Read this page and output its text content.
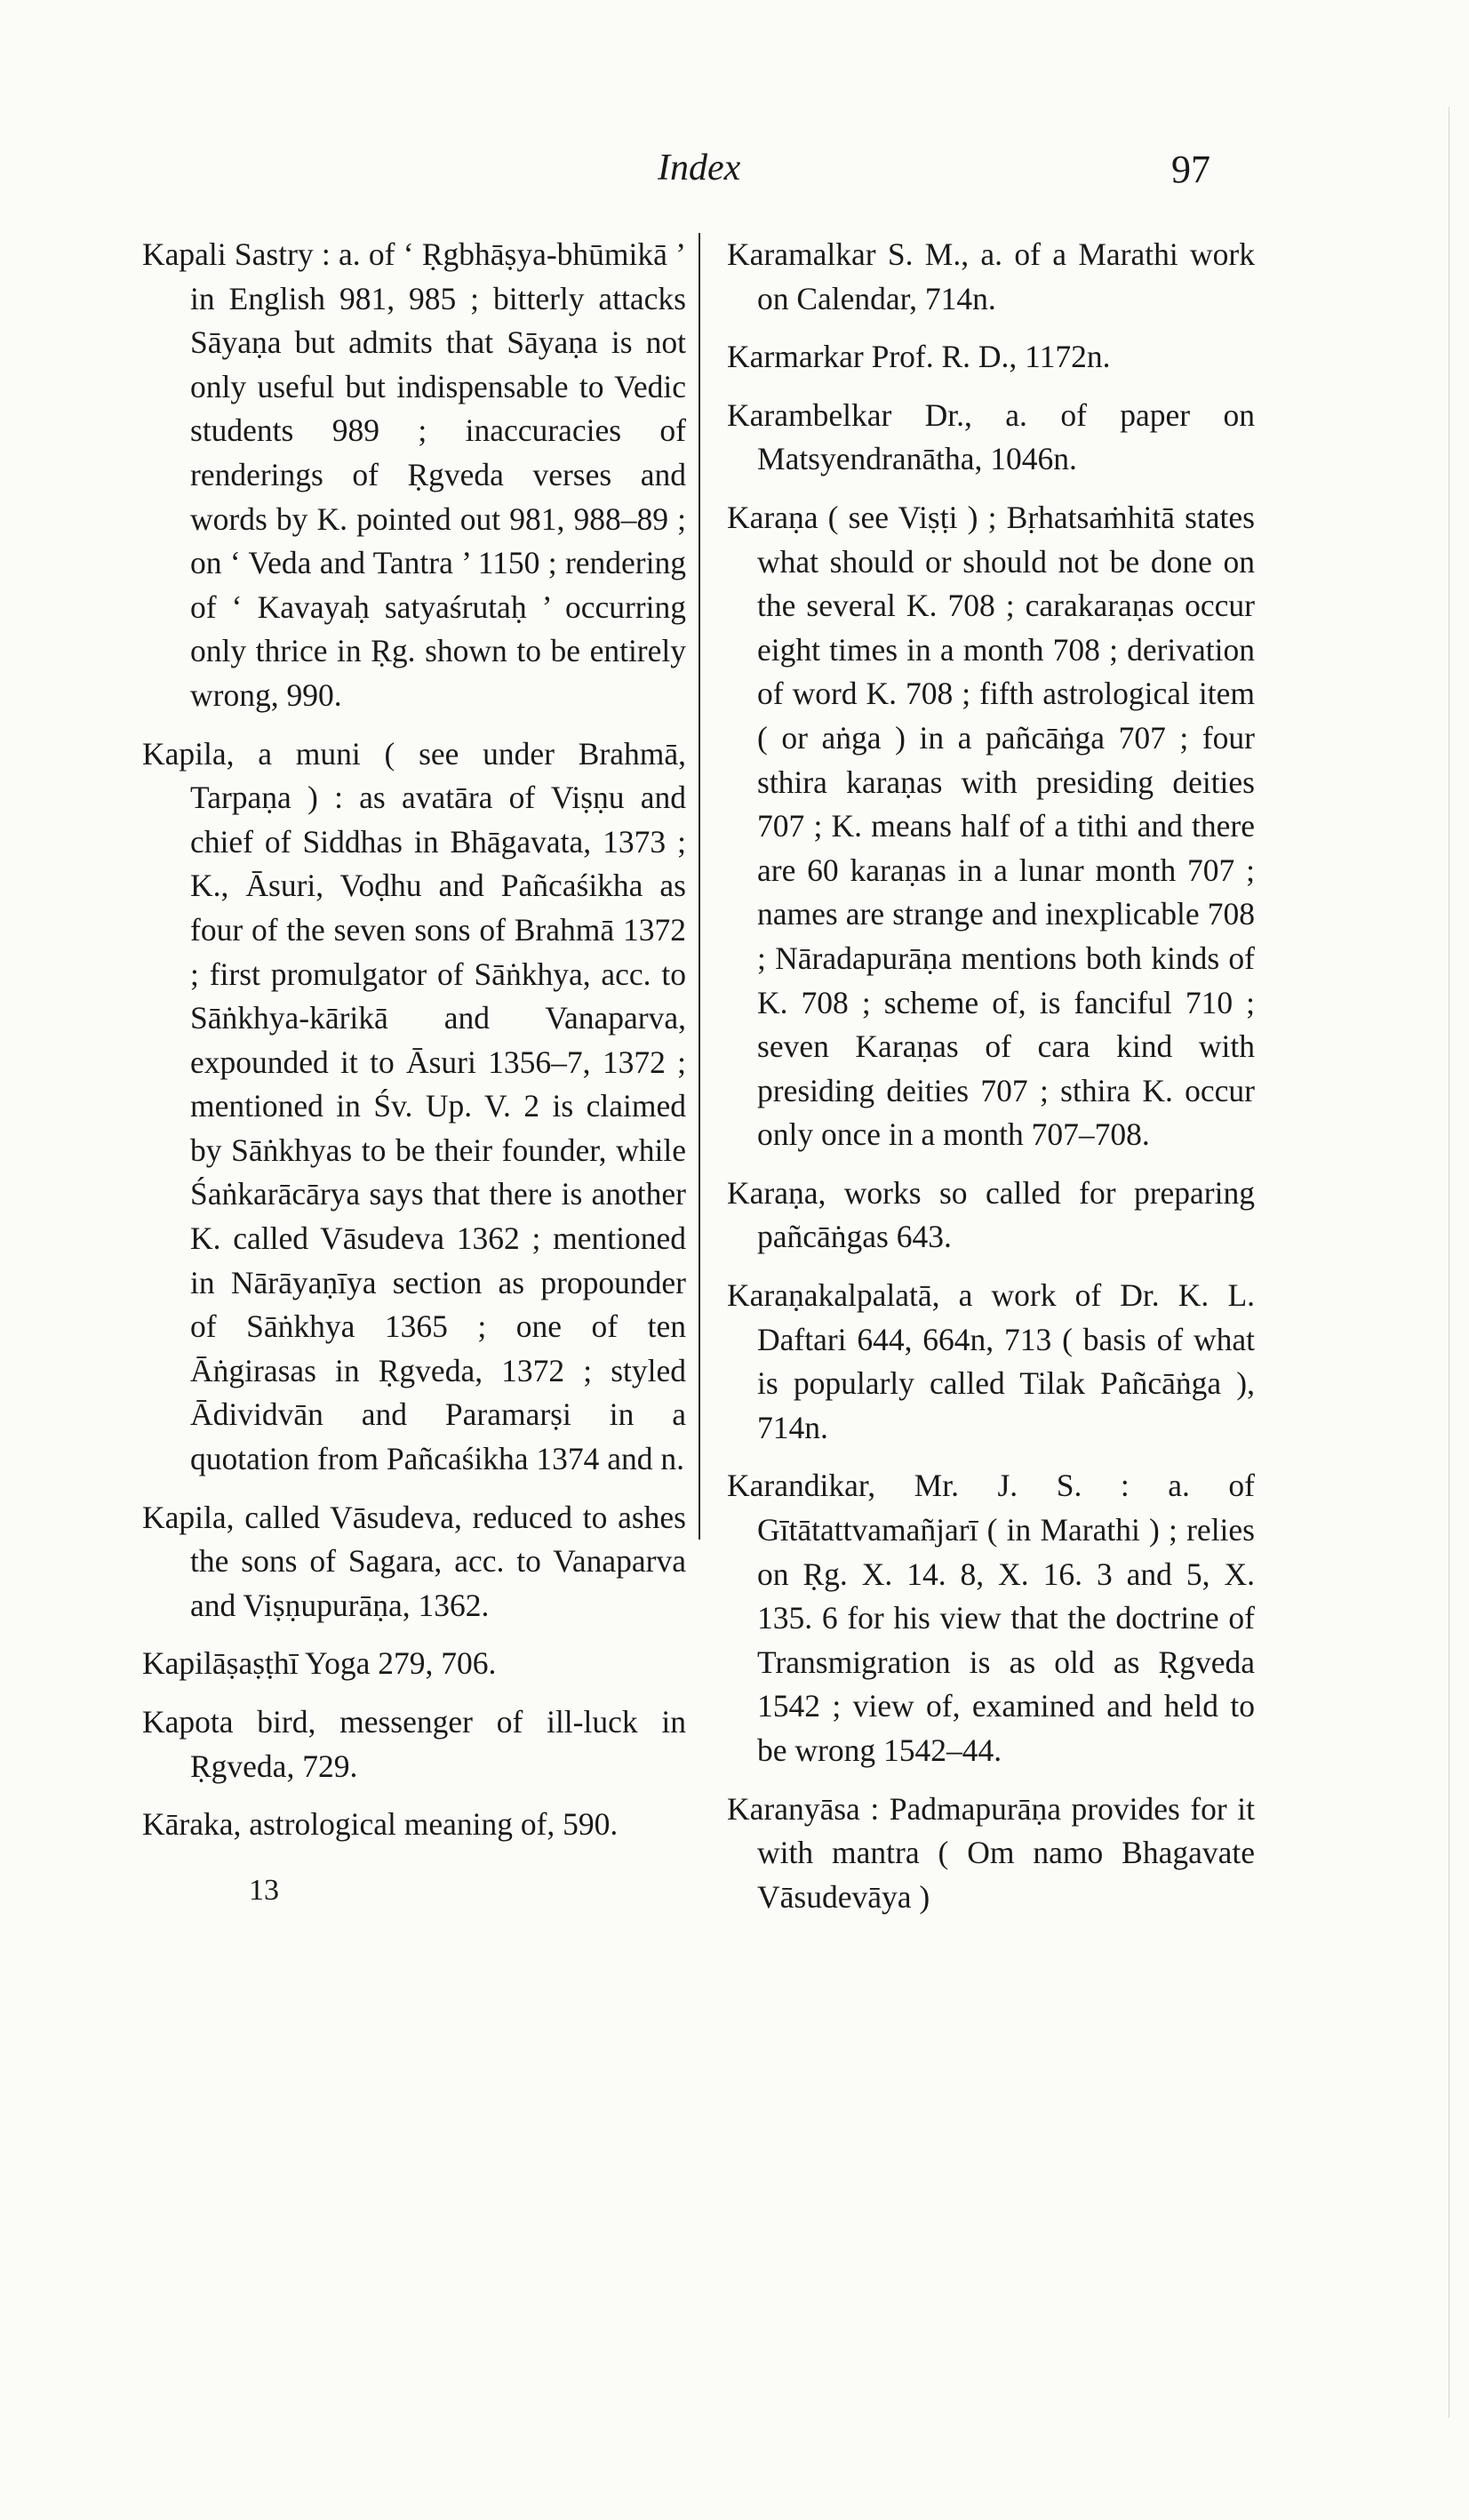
Index	97

Kapali Sastry : a. of ‘ Ṛgbhāṣya-bhūmikā ’ in English 981, 985 ; bitterly attacks Sāyaṇa but admits that Sāyaṇa is not only useful but indispensable to Vedic students 989 ; inaccuracies of renderings of Ṛgveda verses and words by K. pointed out 981, 988–89 ; on ‘ Veda and Tantra ’ 1150 ; rendering of ‘ Kavayaḥ satyaśrutaḥ ’ occurring only thrice in Ṛg. shown to be entirely wrong, 990.

Kapila, a muni ( see under Brahmā, Tarpaṇa ) : as avatāra of Viṣṇu and chief of Siddhas in Bhāgavata, 1373 ; K., Āsuri, Voḍhu and Pañcaśikha as four of the seven sons of Brahmā 1372 ; first promulgator of Sāṅkhya, acc. to Sāṅkhya-kārikā and Vanaparva, expounded it to Āsuri 1356–7, 1372 ; mentioned in Śv. Up. V. 2 is claimed by Sāṅkhyas to be their founder, while Śaṅkarācārya says that there is another K. called Vāsudeva 1362 ; mentioned in Nārāyaṇīya section as propounder of Sāṅkhya 1365 ; one of ten Āṅgirasas in Ṛgveda, 1372 ; styled Ādividvān and Paramarṣi in a quotation from Pañcaśikha 1374 and n.

Kapila, called Vāsudeva, reduced to ashes the sons of Sagara, acc. to Vanaparva and Viṣṇupurāṇa, 1362.

Kapilāṣaṣṭhī Yoga 279, 706.

Kapota bird, messenger of ill-luck in Ṛgveda, 729.

Kāraka, astrological meaning of, 590.

Karamalkar S. M., a. of a Marathi work on Calendar, 714n.

Karmarkar Prof. R. D., 1172n.

Karambelkar Dr., a. of paper on Matsyendranātha, 1046n.

Karaṇa ( see Viṣṭi ) ; Bṛhatsaṁhitā states what should or should not be done on the several K. 708 ; carakaraṇas occur eight times in a month 708 ; derivation of word K. 708 ; fifth astrological item ( or aṅga ) in a pañcāṅga 707 ; four sthira karaṇas with presiding deities 707 ; K. means half of a tithi and there are 60 karaṇas in a lunar month 707 ; names are strange and inexplicable 708 ; Nāradapurāṇa mentions both kinds of K. 708 ; scheme of, is fanciful 710 ; seven Karaṇas of cara kind with presiding deities 707 ; sthira K. occur only once in a month 707–708.

Karaṇa, works so called for preparing pañcāṅgas 643.

Karaṇakalpalatā, a work of Dr. K. L. Daftari 644, 664n, 713 ( basis of what is popularly called Tilak Pañcāṅga ), 714n.

Karandikar, Mr. J. S. : a. of Gītātattvamañjarī ( in Marathi ) ; relies on Ṛg. X. 14. 8, X. 16. 3 and 5, X. 135. 6 for his view that the doctrine of Transmigration is as old as Ṛgveda 1542 ; view of, examined and held to be wrong 1542–44.

Karanyāsa : Padmapurāṇa provides for it with mantra ( Om namo Bhagavate Vāsudevāya )

13
